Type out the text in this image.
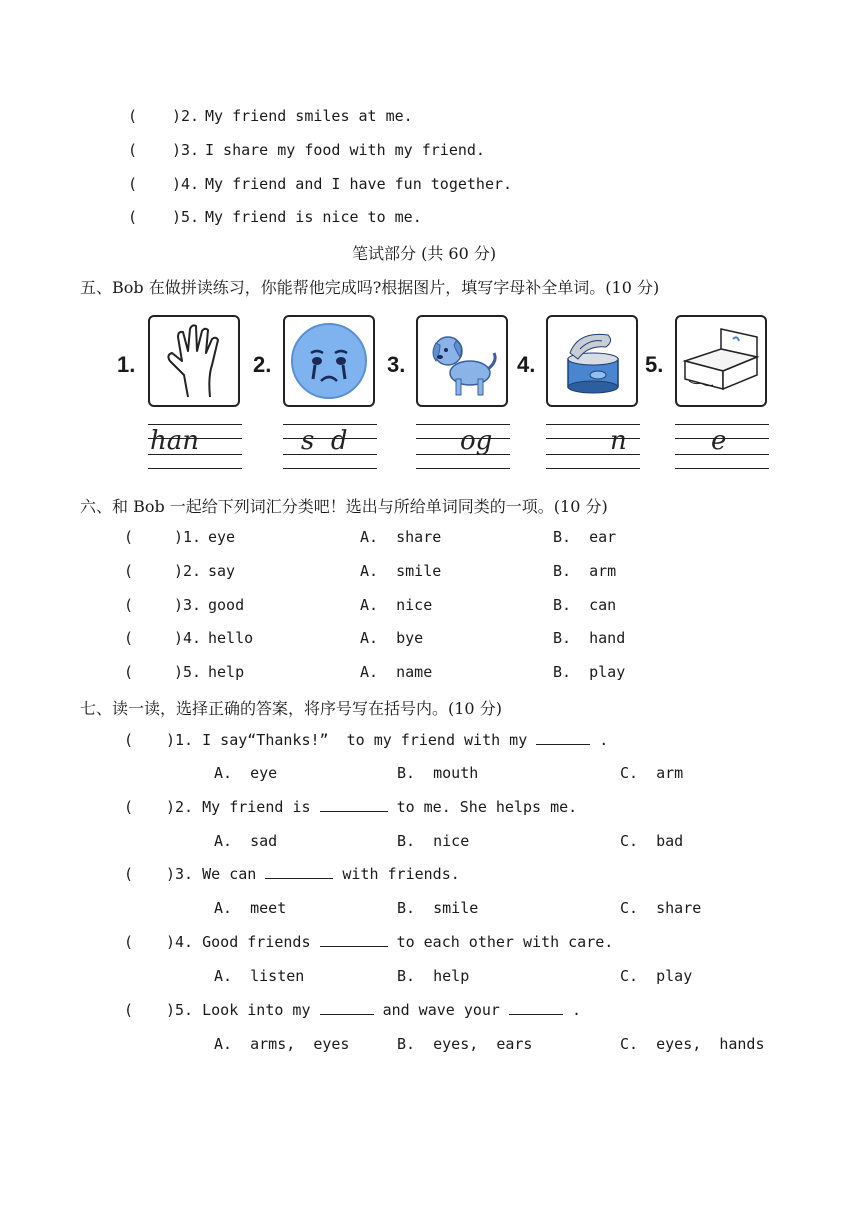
( )2. My friend smiles at me.
( )3. I share my food with my friend.
( )4. My friend and I have fun together.
( )5. My friend is nice to me.
笔试部分 (共 60 分)
五、Bob 在做拼读练习，你能帮他完成吗?根据图片，填写字母补全单词。(10 分)
1.
han
2.
s  d
3.
og
4.
n
5.
e
六、和 Bob 一起给下列词汇分类吧！选出与所给单词同类的一项。(10 分)
(	)1. eye	A.  share	B.  ear
(	)2. say	A.  smile	B.  arm
(	)3. good	A.  nice	B.  can
(	)4. hello	A.  bye	B.  hand
(	)5. help	A.  name	B.  play
七、读一读，选择正确的答案，将序号写在括号内。(10 分)
( )1. I say“Thanks!”  to my friend with my	.
A.  eye	B.  mouth	C.  arm
( )2. My friend is	to me. She helps me.
A.  sad	B.  nice	C.  bad
( )3. We can	with friends.
A.  meet	B.  smile	C.  share
( )4. Good friends	to each other with care.
A.  listen	B.  help	C.  play
( )5. Look into my	and wave your	.
A.  arms,  eyes	B.  eyes,  ears	C.  eyes,  hands
